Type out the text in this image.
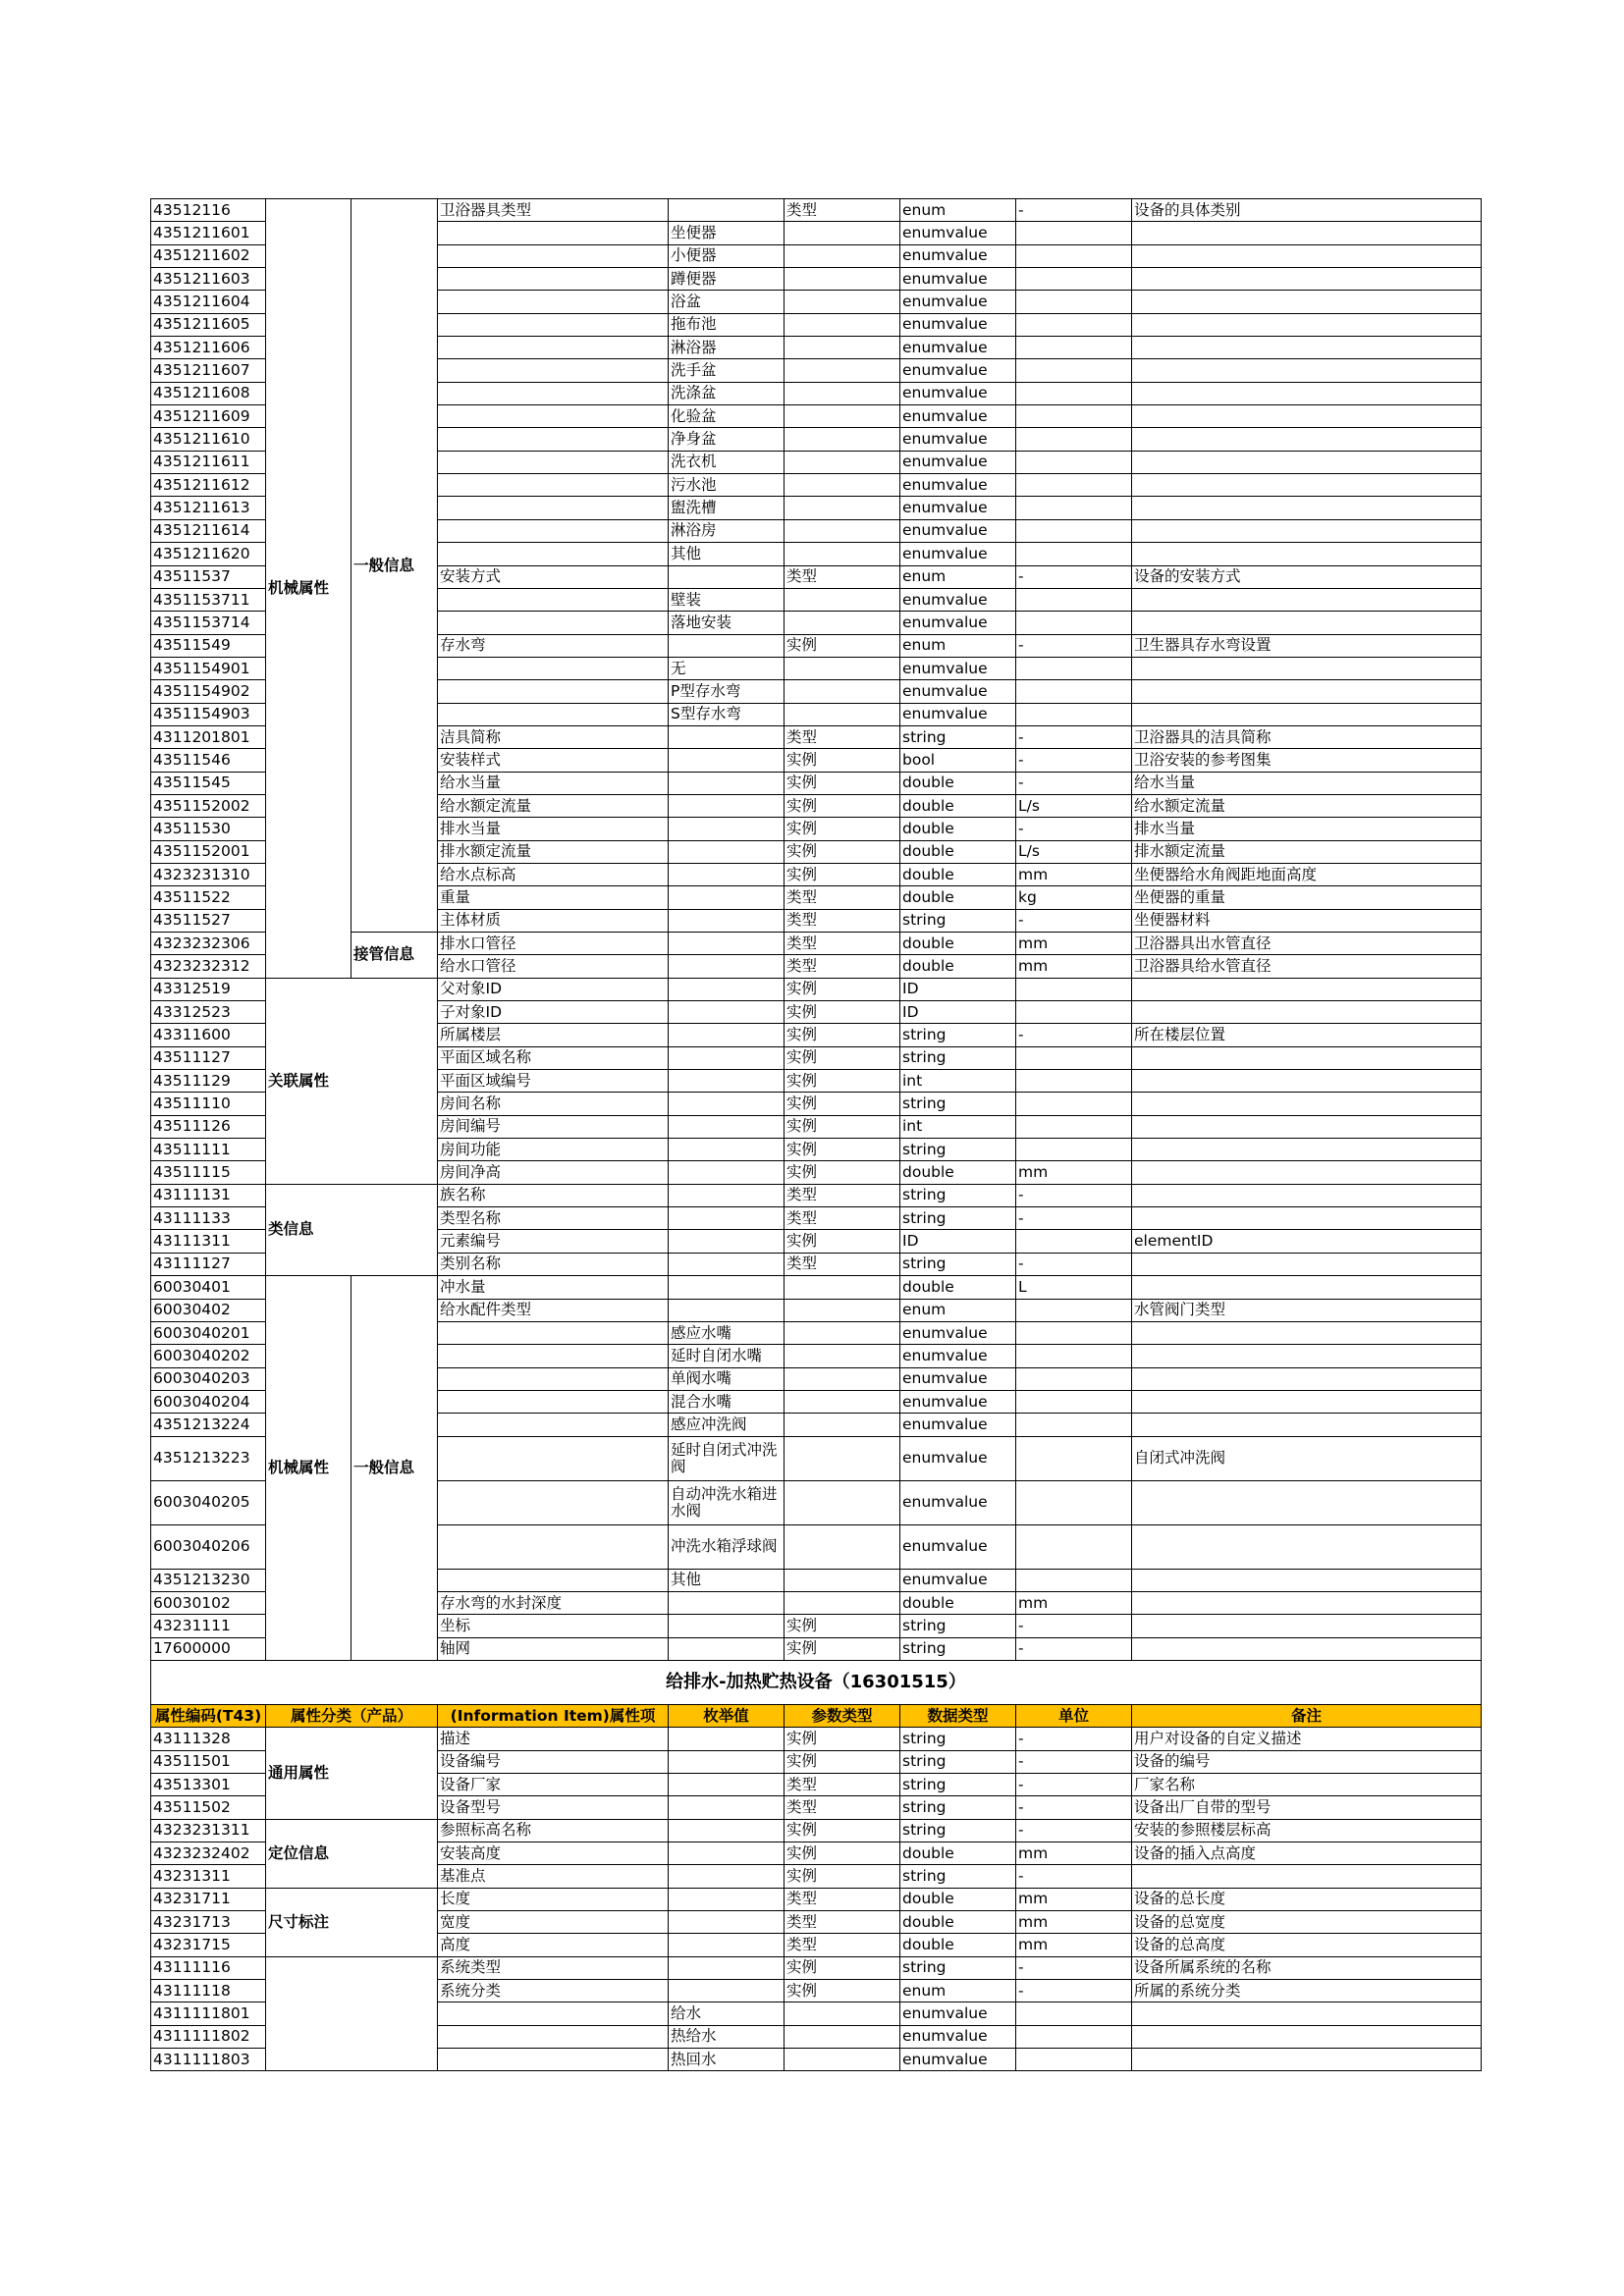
43512116	机械属性	一般信息	卫浴器具类型		类型	enum	-	设备的具体类别
4351211601				坐便器		enumvalue		
4351211602				小便器		enumvalue		
4351211603				蹲便器		enumvalue		
4351211604				浴盆		enumvalue		
4351211605				拖布池		enumvalue		
4351211606				淋浴器		enumvalue		
4351211607				洗手盆		enumvalue		
4351211608				洗涤盆		enumvalue		
4351211609				化验盆		enumvalue		
4351211610				净身盆		enumvalue		
4351211611				洗衣机		enumvalue		
4351211612				污水池		enumvalue		
4351211613				盥洗槽		enumvalue		
4351211614				淋浴房		enumvalue		
4351211620				其他		enumvalue		
43511537			安装方式		类型	enum	-	设备的安装方式
4351153711				壁装		enumvalue		
4351153714				落地安装		enumvalue		
43511549			存水弯		实例	enum	-	卫生器具存水弯设置
4351154901				无		enumvalue		
4351154902				P型存水弯		enumvalue		
4351154903				S型存水弯		enumvalue		
4311201801			洁具简称		类型	string	-	卫浴器具的洁具简称
43511546			安装样式		实例	bool	-	卫浴安装的参考图集
43511545			给水当量		实例	double	-	给水当量
4351152002			给水额定流量		实例	double	L/s	给水额定流量
43511530			排水当量		实例	double	-	排水当量
4351152001			排水额定流量		实例	double	L/s	排水额定流量
4323231310			给水点标高		实例	double	mm	坐便器给水角阀距地面高度
43511522			重量		类型	double	kg	坐便器的重量
43511527			主体材质		类型	string	-	坐便器材料
4323232306		接管信息	排水口管径		类型	double	mm	卫浴器具出水管直径
4323232312			给水口管径		类型	double	mm	卫浴器具给水管直径
43312519	关联属性		父对象ID		实例	ID		
43312523			子对象ID		实例	ID		
43311600			所属楼层		实例	string	-	所在楼层位置
43511127			平面区域名称		实例	string		
43511129			平面区域编号		实例	int		
43511110			房间名称		实例	string		
43511126			房间编号		实例	int		
43511111			房间功能		实例	string		
43511115			房间净高		实例	double	mm	
43111131	类信息		族名称		类型	string	-	
43111133			类型名称		类型	string	-	
43111311			元素编号		实例	ID		elementID
43111127			类别名称		类型	string	-	
60030401	机械属性	一般信息	冲水量			double	L	
60030402			给水配件类型			enum		水管阀门类型
6003040201				感应水嘴		enumvalue		
6003040202				延时自闭水嘴		enumvalue		
6003040203				单阀水嘴		enumvalue		
6003040204				混合水嘴		enumvalue		
4351213224				感应冲洗阀		enumvalue		
4351213223				延时自闭式冲洗阀		enumvalue		自闭式冲洗阀
6003040205				自动冲洗水箱进水阀		enumvalue		
6003040206				冲洗水箱浮球阀		enumvalue		
4351213230				其他		enumvalue		
60030102			存水弯的水封深度			double	mm	
43231111			坐标		实例	string	-	
17600000			轴网		实例	string	-	
给排水-加热贮热设备（16301515）								
属性编码(T43)	属性分类（产品）		(Information Item)属性项	枚举值	参数类型	数据类型	单位	备注
43111328	通用属性		描述		实例	string	-	用户对设备的自定义描述
43511501			设备编号		实例	string	-	设备的编号
43513301			设备厂家		类型	string	-	厂家名称
43511502			设备型号		类型	string	-	设备出厂自带的型号
4323231311	定位信息		参照标高名称		实例	string	-	安装的参照楼层标高
4323232402			安装高度		实例	double	mm	设备的插入点高度
43231311			基准点		实例	string	-	
43231711	尺寸标注		长度		类型	double	mm	设备的总长度
43231713			宽度		类型	double	mm	设备的总宽度
43231715			高度		类型	double	mm	设备的总高度
43111116			系统类型		实例	string	-	设备所属系统的名称
43111118			系统分类		实例	enum	-	所属的系统分类
4311111801				给水		enumvalue		
4311111802				热给水		enumvalue		
4311111803				热回水		enumvalue		
